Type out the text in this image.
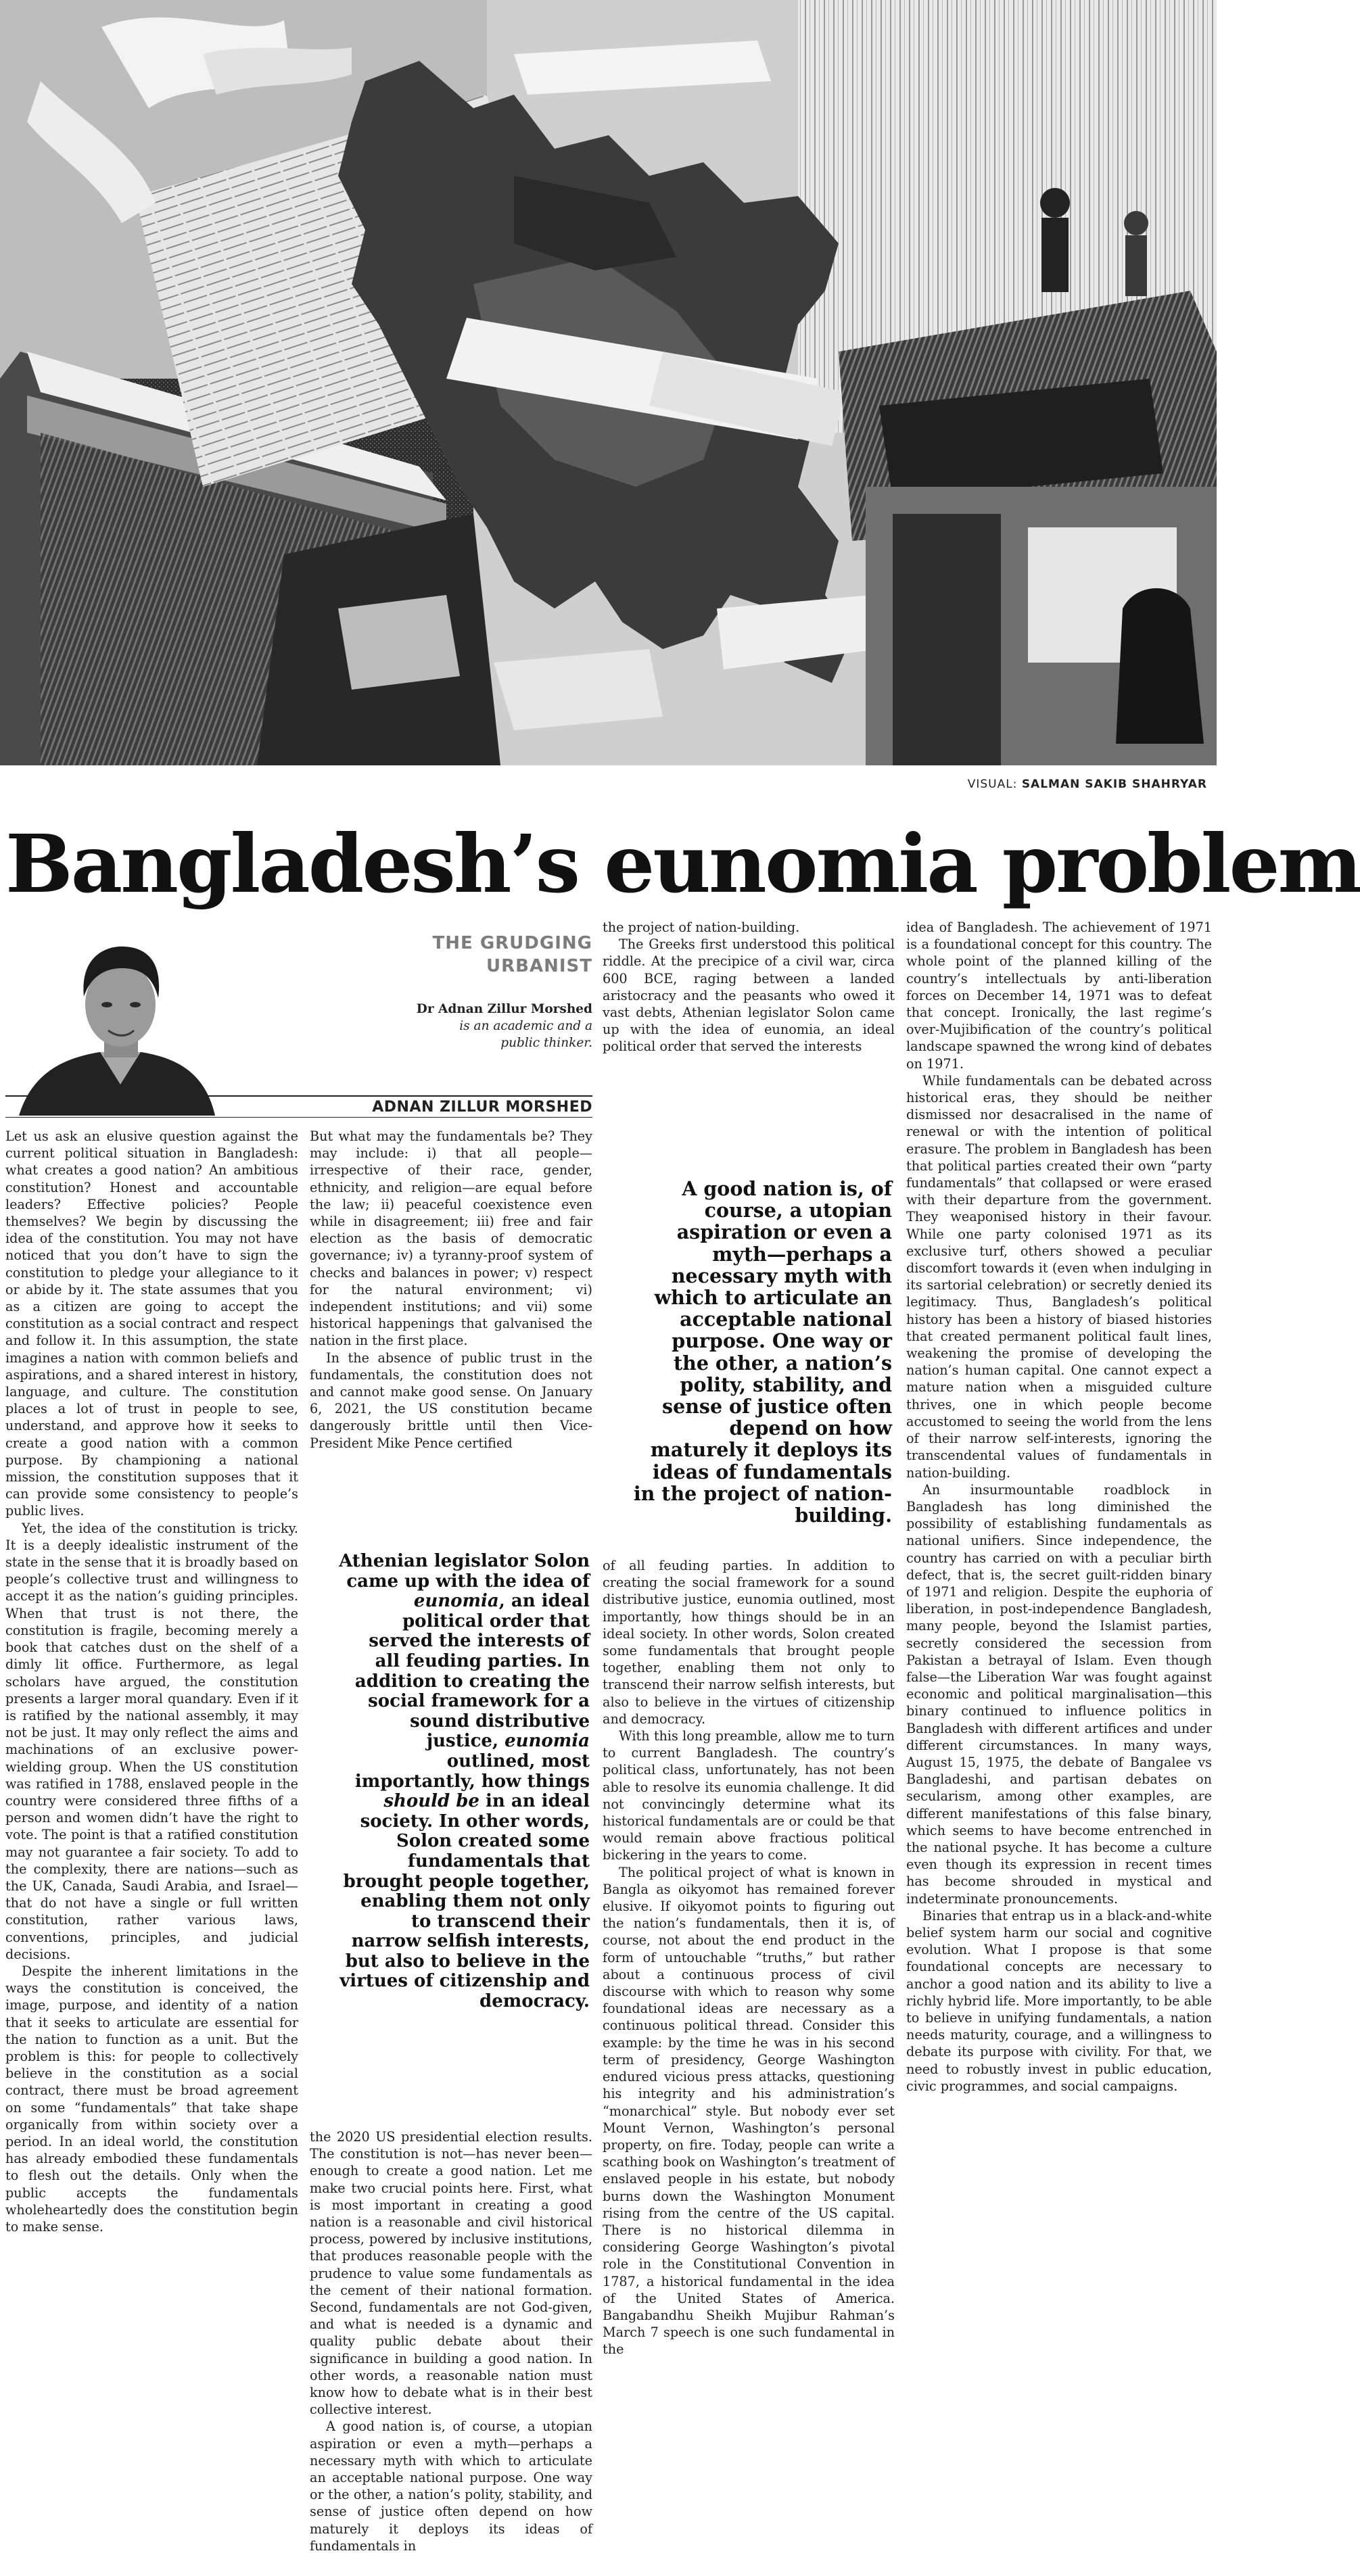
VISUAL: SALMAN SAKIB SHAHRYAR
Bangladesh’s eunomia problem
THE GRUDGING
URBANIST
Dr Adnan Zillur Morshed
is an academic and a
public thinker.
ADNAN ZILLUR MORSHED

Let us ask an elusive question against the current political situation in Bangladesh: what creates a good nation? An ambitious constitution? Honest and accountable leaders? Effective policies? People themselves? We begin by discussing the idea of the constitution. You may not have noticed that you don’t have to sign the constitution to pledge your allegiance to it or abide by it. The state assumes that you as a citizen are going to accept the constitution as a social contract and respect and follow it. In this assumption, the state imagines a nation with common beliefs and aspirations, and a shared interest in history, language, and culture. The constitution places a lot of trust in people to see, understand, and approve how it seeks to create a good nation with a common purpose. By championing a national mission, the constitution supposes that it can provide some consistency to people’s public lives.

Yet, the idea of the constitution is tricky. It is a deeply idealistic instrument of the state in the sense that it is broadly based on people’s collective trust and willingness to accept it as the nation’s guiding principles. When that trust is not there, the constitution is fragile, becoming merely a book that catches dust on the shelf of a dimly lit office. Furthermore, as legal scholars have argued, the constitution presents a larger moral quandary. Even if it is ratified by the national assembly, it may not be just. It may only reflect the aims and machinations of an exclusive power-wielding group. When the US constitution was ratified in 1788, enslaved people in the country were considered three fifths of a person and women didn’t have the right to vote. The point is that a ratified constitution may not guarantee a fair society. To add to the complexity, there are nations—such as the UK, Canada, Saudi Arabia, and Israel—that do not have a single or full written constitution, rather various laws, conventions, principles, and judicial decisions.

Despite the inherent limitations in the ways the constitution is conceived, the image, purpose, and identity of a nation that it seeks to articulate are essential for the nation to function as a unit. But the problem is this: for people to collectively believe in the constitution as a social contract, there must be broad agreement on some “fundamentals” that take shape organically from within society over a period. In an ideal world, the constitution has already embodied these fundamentals to flesh out the details. Only when the public accepts the fundamentals wholeheartedly does the constitution begin to make sense.

But what may the fundamentals be? They may include: i) that all people—irrespective of their race, gender, ethnicity, and religion—are equal before the law; ii) peaceful coexistence even while in disagreement; iii) free and fair election as the basis of democratic governance; iv) a tyranny-proof system of checks and balances in power; v) respect for the natural environment; vi) independent institutions; and vii) some historical happenings that galvanised the nation in the first place.

In the absence of public trust in the fundamentals, the constitution does not and cannot make good sense. On January 6, 2021, the US constitution became dangerously brittle until then Vice-President Mike Pence certified

Athenian legislator Solon came up with the idea of eunomia, an ideal political order that served the interests of all feuding parties. In addition to creating the social framework for a sound distributive justice, eunomia outlined, most importantly, how things should be in an ideal society. In other words, Solon created some fundamentals that brought people together, enabling them not only to transcend their narrow selfish interests, but also to believe in the virtues of citizenship and democracy.

the 2020 US presidential election results. The constitution is not—has never been—enough to create a good nation. Let me make two crucial points here. First, what is most important in creating a good nation is a reasonable and civil historical process, powered by inclusive institutions, that produces reasonable people with the prudence to value some fundamentals as the cement of their national formation. Second, fundamentals are not God-given, and what is needed is a dynamic and quality public debate about their significance in building a good nation. In other words, a reasonable nation must know how to debate what is in their best collective interest.

A good nation is, of course, a utopian aspiration or even a myth—perhaps a necessary myth with which to articulate an acceptable national purpose. One way or the other, a nation’s polity, stability, and sense of justice often depend on how maturely it deploys its ideas of fundamentals in

the project of nation-building.

The Greeks first understood this political riddle. At the precipice of a civil war, circa 600 BCE, raging between a landed aristocracy and the peasants who owed it vast debts, Athenian legislator Solon came up with the idea of eunomia, an ideal political order that served the interests

A good nation is, of course, a utopian aspiration or even a myth—perhaps a necessary myth with which to articulate an acceptable national purpose. One way or the other, a nation’s polity, stability, and sense of justice often depend on how maturely it deploys its ideas of fundamentals in the project of nation-building.

of all feuding parties. In addition to creating the social framework for a sound distributive justice, eunomia outlined, most importantly, how things should be in an ideal society. In other words, Solon created some fundamentals that brought people together, enabling them not only to transcend their narrow selfish interests, but also to believe in the virtues of citizenship and democracy.

With this long preamble, allow me to turn to current Bangladesh. The country’s political class, unfortunately, has not been able to resolve its eunomia challenge. It did not convincingly determine what its historical fundamentals are or could be that would remain above fractious political bickering in the years to come.

The political project of what is known in Bangla as oikyomot has remained forever elusive. If oikyomot points to figuring out the nation’s fundamentals, then it is, of course, not about the end product in the form of untouchable “truths,” but rather about a continuous process of civil discourse with which to reason why some foundational ideas are necessary as a continuous political thread. Consider this example: by the time he was in his second term of presidency, George Washington endured vicious press attacks, questioning his integrity and his administration’s “monarchical” style. But nobody ever set Mount Vernon, Washington’s personal property, on fire. Today, people can write a scathing book on Washington’s treatment of enslaved people in his estate, but nobody burns down the Washington Monument rising from the centre of the US capital. There is no historical dilemma in considering George Washington’s pivotal role in the Constitutional Convention in 1787, a historical fundamental in the idea of the United States of America. Bangabandhu Sheikh Mujibur Rahman’s March 7 speech is one such fundamental in the

idea of Bangladesh. The achievement of 1971 is a foundational concept for this country. The whole point of the planned killing of the country’s intellectuals by anti-liberation forces on December 14, 1971 was to defeat that concept. Ironically, the last regime’s over-Mujibification of the country’s political landscape spawned the wrong kind of debates on 1971.

While fundamentals can be debated across historical eras, they should be neither dismissed nor desacralised in the name of renewal or with the intention of political erasure. The problem in Bangladesh has been that political parties created their own “party fundamentals” that collapsed or were erased with their departure from the government. They weaponised history in their favour. While one party colonised 1971 as its exclusive turf, others showed a peculiar discomfort towards it (even when indulging in its sartorial celebration) or secretly denied its legitimacy. Thus, Bangladesh’s political history has been a history of biased histories that created permanent political fault lines, weakening the promise of developing the nation’s human capital. One cannot expect a mature nation when a misguided culture thrives, one in which people become accustomed to seeing the world from the lens of their narrow self-interests, ignoring the transcendental values of fundamentals in nation-building.

An insurmountable roadblock in Bangladesh has long diminished the possibility of establishing fundamentals as national unifiers. Since independence, the country has carried on with a peculiar birth defect, that is, the secret guilt-ridden binary of 1971 and religion. Despite the euphoria of liberation, in post-independence Bangladesh, many people, beyond the Islamist parties, secretly considered the secession from Pakistan a betrayal of Islam. Even though false—the Liberation War was fought against economic and political marginalisation—this binary continued to influence politics in Bangladesh with different artifices and under different circumstances. In many ways, August 15, 1975, the debate of Bangalee vs Bangladeshi, and partisan debates on secularism, among other examples, are different manifestations of this false binary, which seems to have become entrenched in the national psyche. It has become a culture even though its expression in recent times has become shrouded in mystical and indeterminate pronouncements.

Binaries that entrap us in a black-and-white belief system harm our social and cognitive evolution. What I propose is that some foundational concepts are necessary to anchor a good nation and its ability to live a richly hybrid life. More importantly, to be able to believe in unifying fundamentals, a nation needs maturity, courage, and a willingness to debate its purpose with civility. For that, we need to robustly invest in public education, civic programmes, and social campaigns.
